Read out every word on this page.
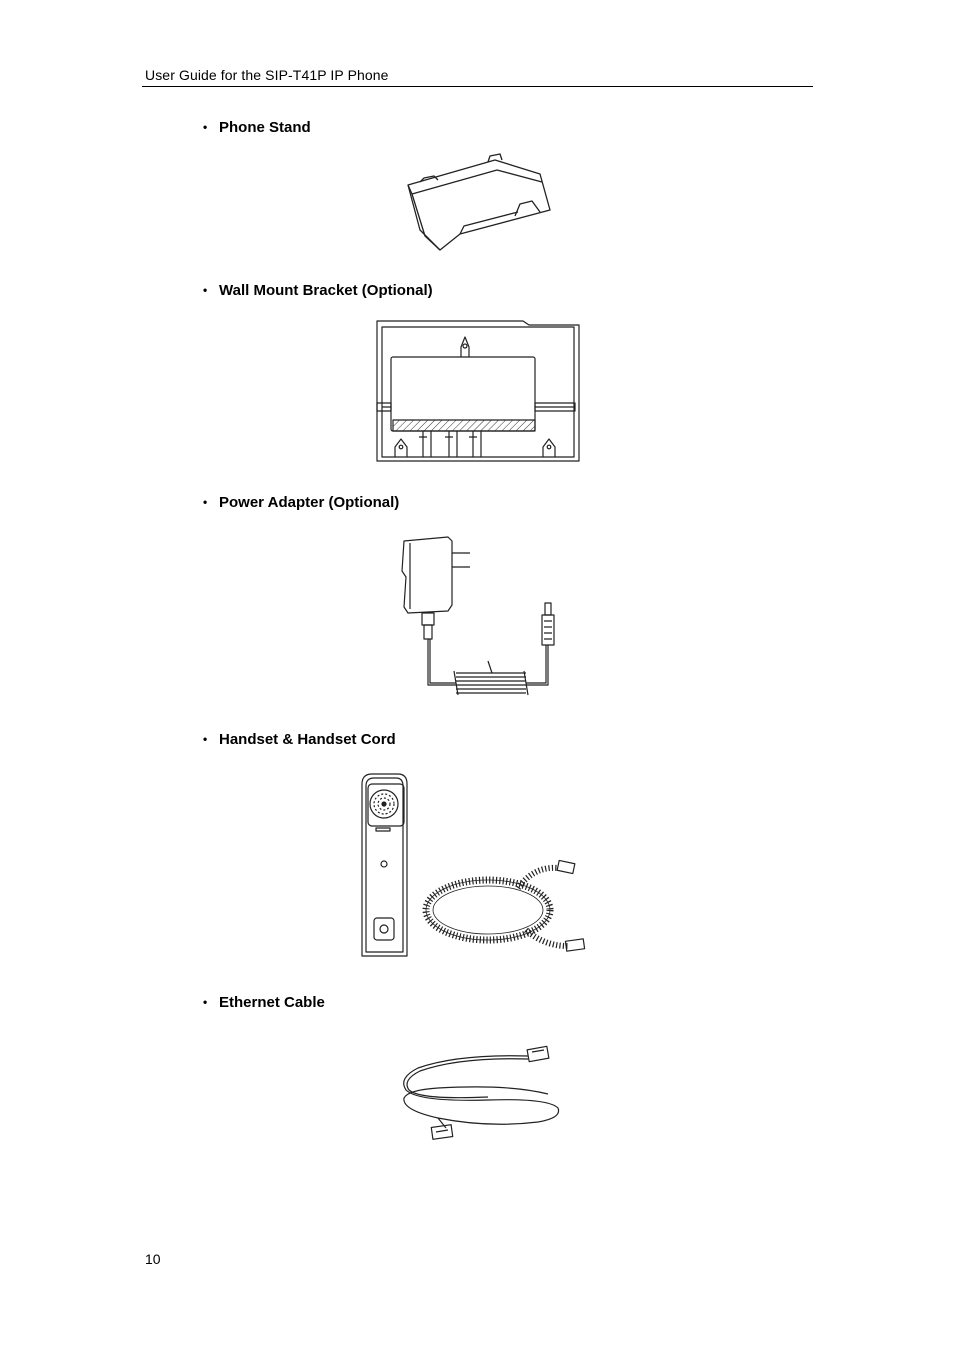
User Guide for the SIP-T41P IP Phone
• Phone Stand
• Wall Mount Bracket (Optional)
• Power Adapter (Optional)
• Handset & Handset Cord
• Ethernet Cable
10
